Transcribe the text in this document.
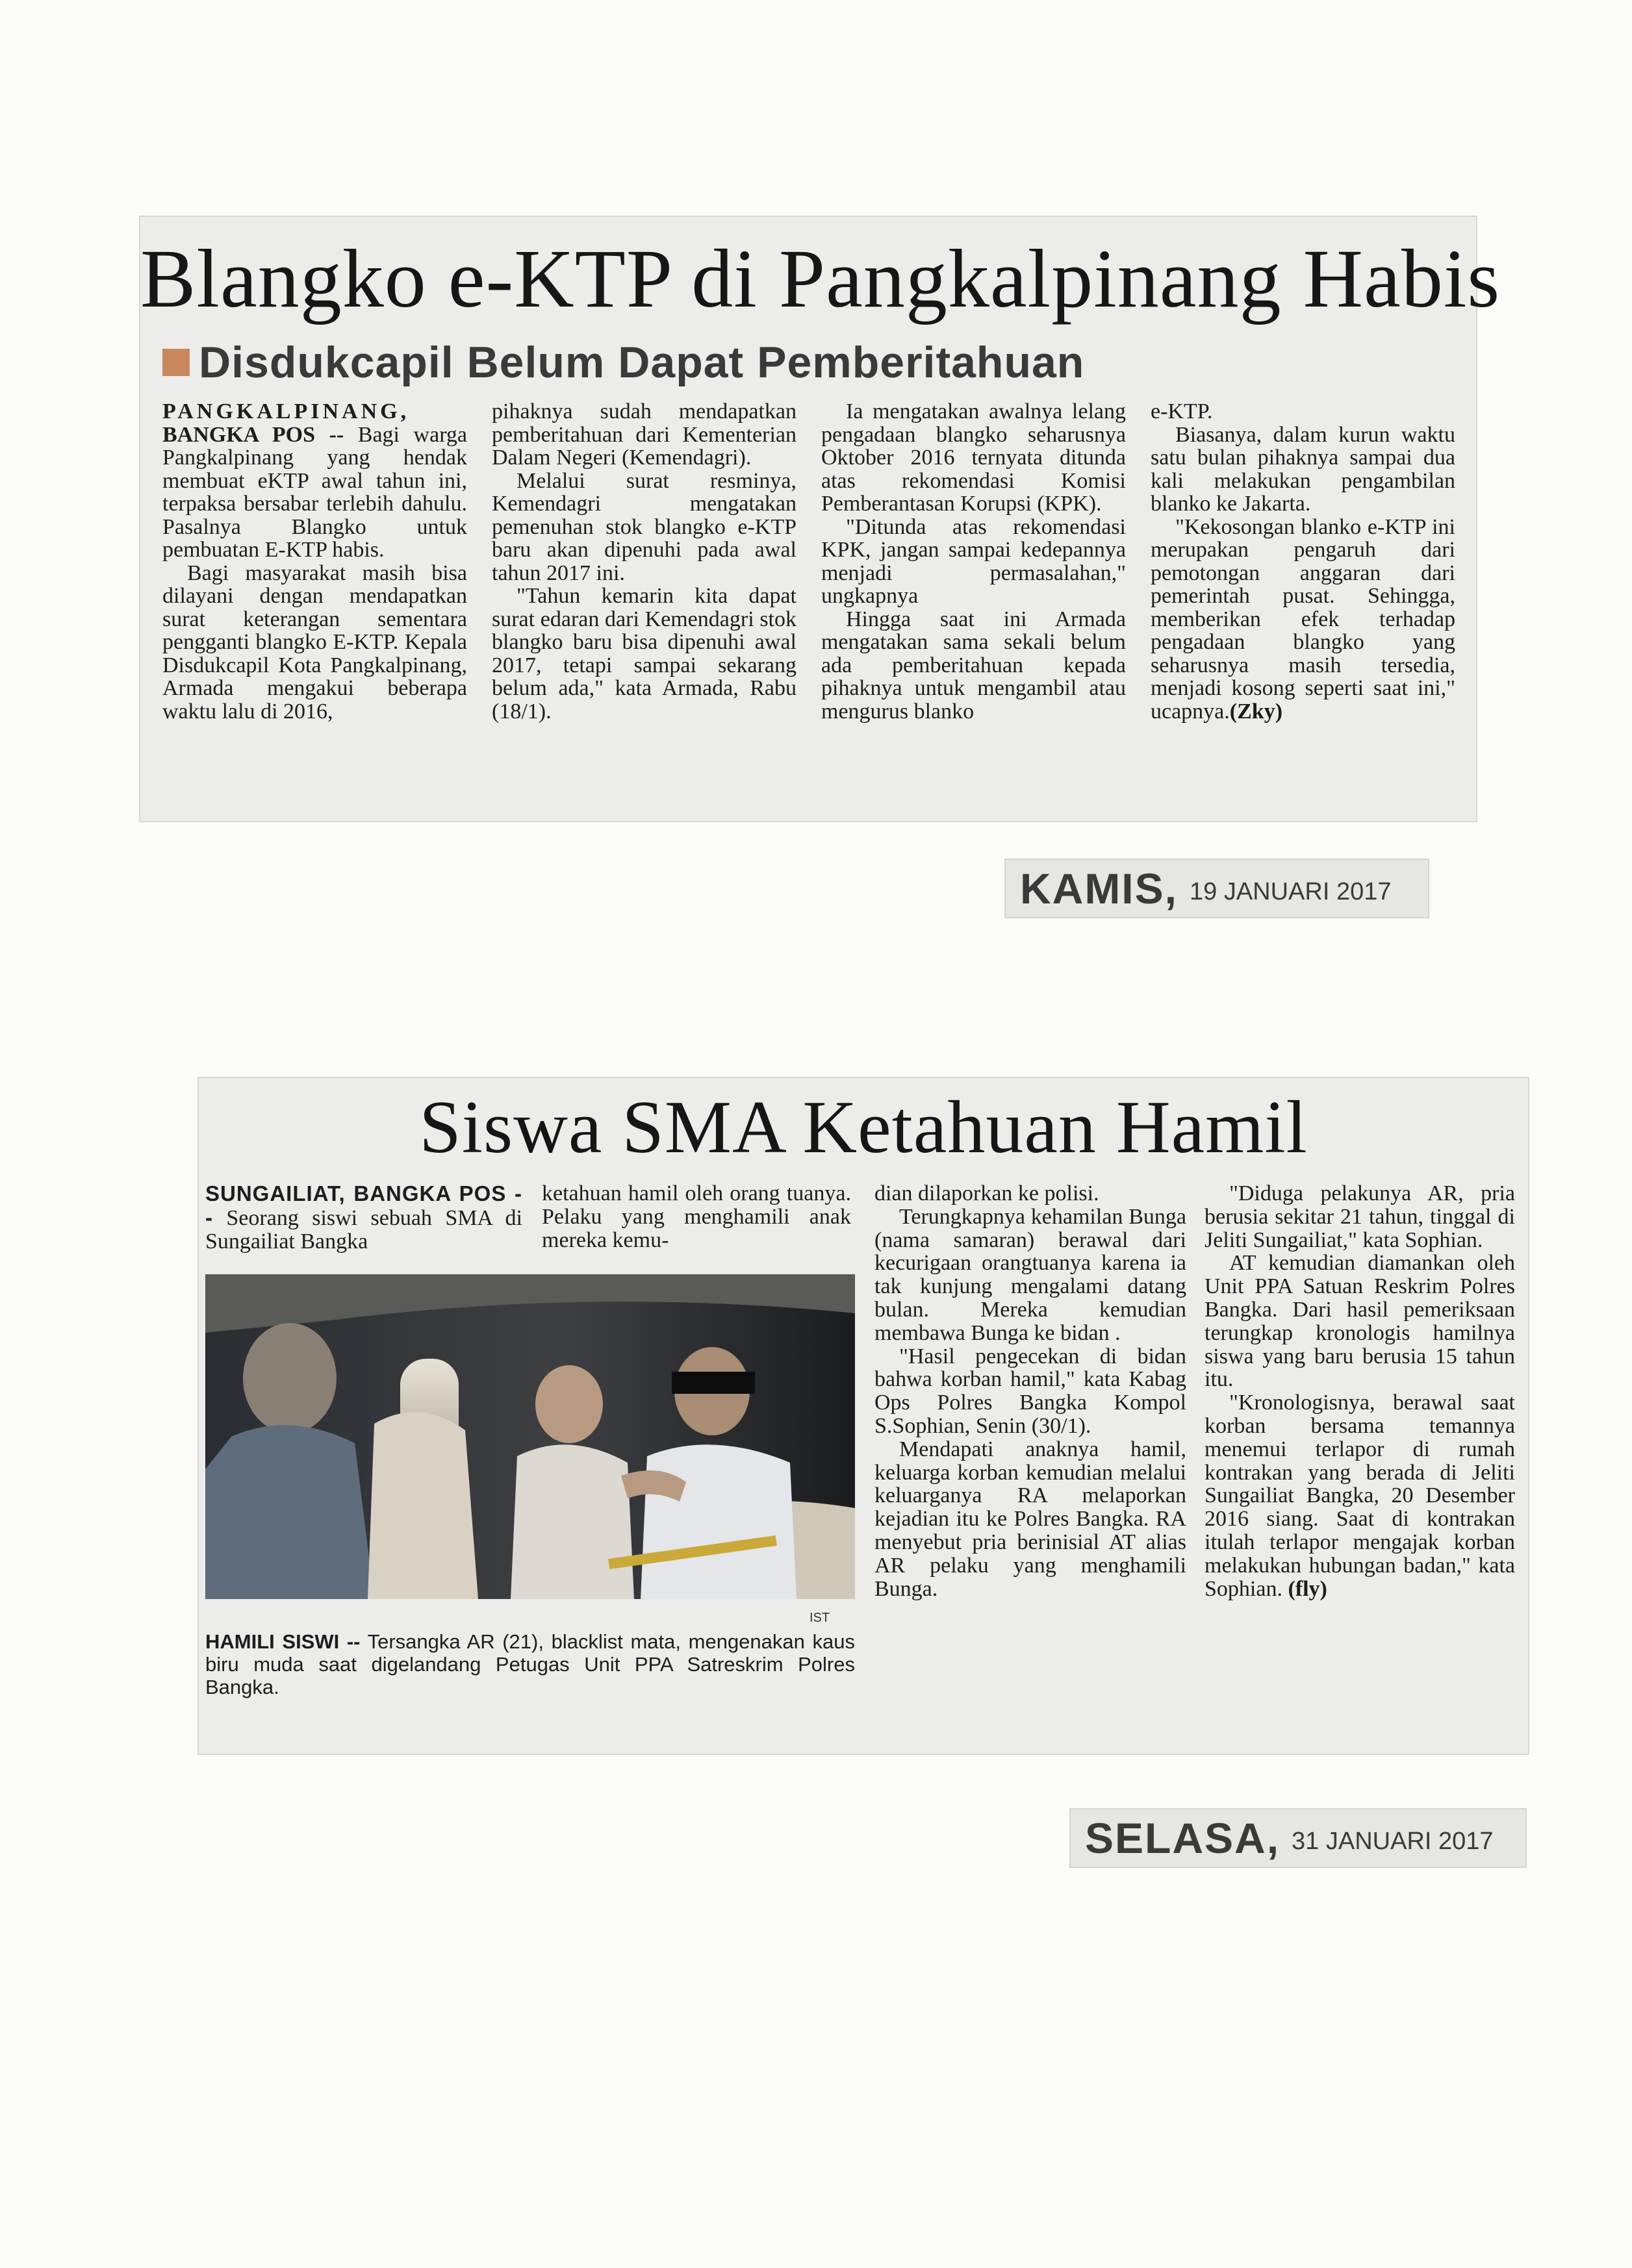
Blangko e-KTP di Pangkalpinang Habis
Disdukcapil Belum Dapat Pemberitahuan

PANGKALPINANG,
BANGKA POS -- Bagi warga Pangkalpinang yang hendak membuat eKTP awal tahun ini, terpaksa bersabar terlebih dahulu. Pasalnya Blangko untuk pembuatan E-KTP habis.

Bagi masyarakat masih bisa dilayani dengan mendapatkan surat keterangan sementara pengganti blangko E-KTP. Kepala Disdukcapil Kota Pangkalpinang, Armada mengakui beberapa waktu lalu di 2016,

pihaknya sudah mendapatkan pemberitahuan dari Kementerian Dalam Negeri (Kemendagri).

Melalui surat resminya, Kemendagri mengatakan pemenuhan stok blangko e-KTP baru akan dipenuhi pada awal tahun 2017 ini.

"Tahun kemarin kita dapat surat edaran dari Kemendagri stok blangko baru bisa dipenuhi awal 2017, tetapi sampai sekarang belum ada," kata Armada, Rabu (18/1).

Ia mengatakan awalnya lelang pengadaan blangko seharusnya Oktober 2016 ternyata ditunda atas rekomendasi Komisi Pemberantasan Korupsi (KPK).

"Ditunda atas rekomendasi KPK, jangan sampai kedepannya menjadi permasalahan," ungkapnya

Hingga saat ini Armada mengatakan sama sekali belum ada pemberitahuan kepada pihaknya untuk mengambil atau mengurus blanko

e-KTP.

Biasanya, dalam kurun waktu satu bulan pihaknya sampai dua kali melakukan pengambilan blanko ke Jakarta.

"Kekosongan blanko e-KTP ini merupakan pengaruh dari pemotongan anggaran dari pemerintah pusat. Sehingga, memberikan efek terhadap pengadaan blangko yang seharusnya masih tersedia, menjadi kosong seperti saat ini," ucapnya.(Zky)

KAMIS, 19 JANUARI 2017
Siswa SMA Ketahuan Hamil

SUNGAILIAT, BANGKA POS -- Seorang siswi sebuah SMA di Sungailiat Bangka

ketahuan hamil oleh orang tuanya. Pelaku yang menghamili anak mereka kemu-

IST
HAMILI SISWI -- Tersangka AR (21), blacklist mata, mengenakan kaus biru muda saat digelandang Petugas Unit PPA Satreskrim Polres Bangka.

dian dilaporkan ke polisi.

Terungkapnya kehamilan Bunga (nama samaran) berawal dari kecurigaan orangtuanya karena ia tak kunjung mengalami datang bulan. Mereka kemudian membawa Bunga ke bidan .

"Hasil pengecekan di bidan bahwa korban hamil," kata Kabag Ops Polres Bangka Kompol S.Sophian, Senin (30/1).

Mendapati anaknya hamil, keluarga korban kemudian melalui keluarganya RA melaporkan kejadian itu ke Polres Bangka. RA menyebut pria berinisial AT alias AR pelaku yang menghamili Bunga.

"Diduga pelakunya AR, pria berusia sekitar 21 tahun, tinggal di Jeliti Sungailiat," kata Sophian.

AT kemudian diamankan oleh Unit PPA Satuan Reskrim Polres Bangka. Dari hasil pemeriksaan terungkap kronologis hamilnya siswa yang baru berusia 15 tahun itu.

"Kronologisnya, berawal saat korban bersama temannya menemui terlapor di rumah kontrakan yang berada di Jeliti Sungailiat Bangka, 20 Desember 2016 siang. Saat di kontrakan itulah terlapor mengajak korban melakukan hubungan badan," kata Sophian. (fly)

SELASA, 31 JANUARI 2017
